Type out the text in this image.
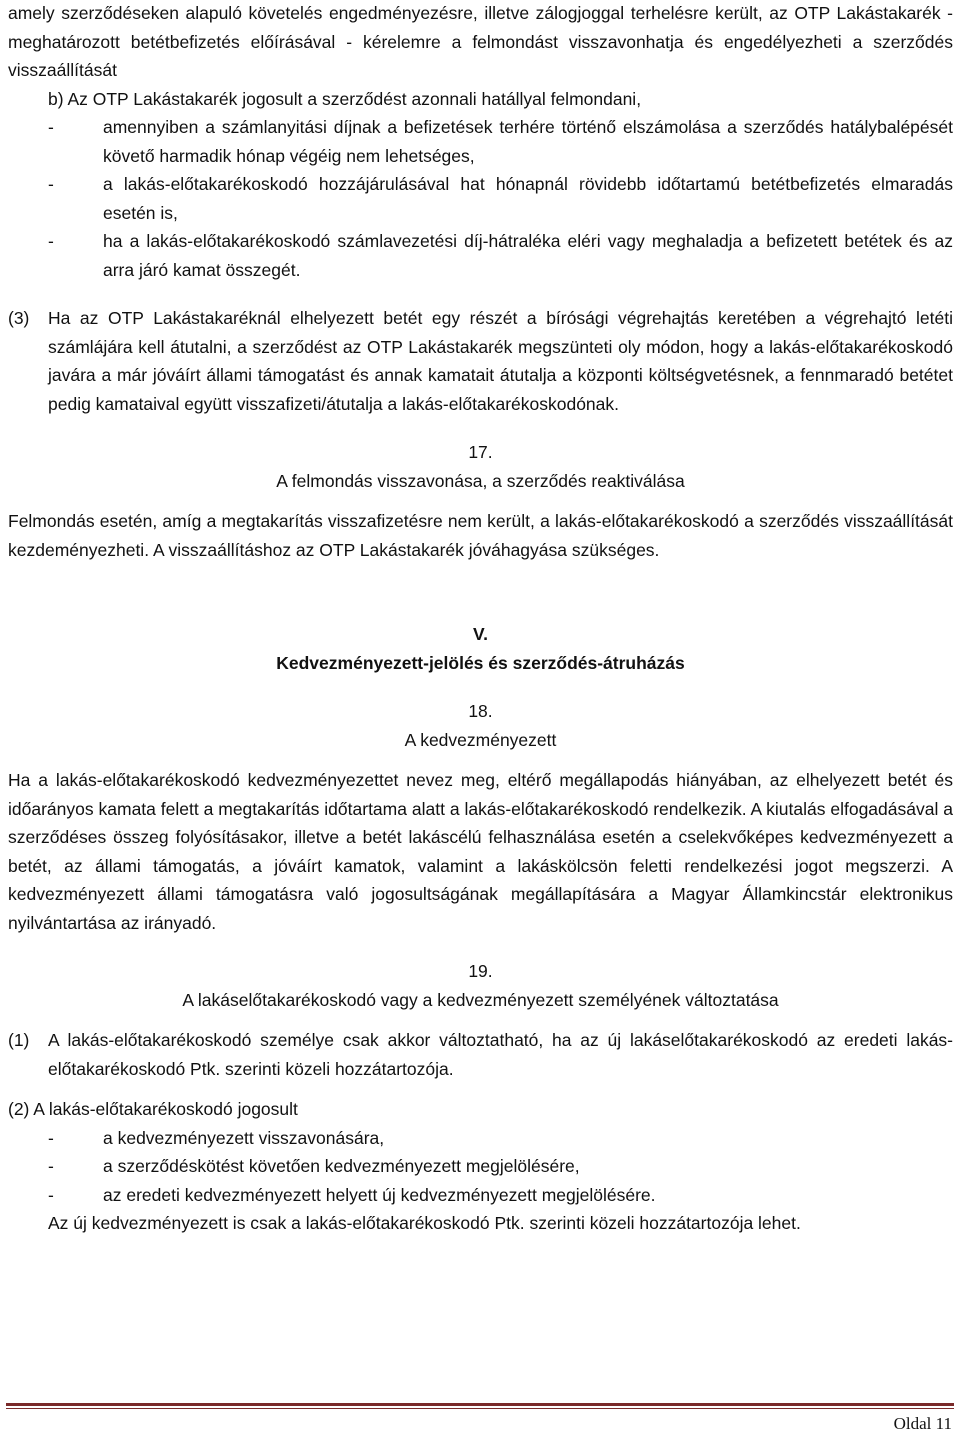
amely szerződéseken alapuló követelés engedményezésre, illetve zálogjoggal terhelésre került, az OTP Lakástakarék - meghatározott betétbefizetés előírásával - kérelemre a felmondást visszavonhatja és engedélyezheti a szerződés visszaállítását

b) Az OTP Lakástakarék jogosult a szerződést azonnali hatállyal felmondani,

-	amennyiben a számlanyitási díjnak a befizetések terhére történő elszámolása a szerződés hatálybalépését követő harmadik hónap végéig nem lehetséges,

-	a lakás-előtakarékoskodó hozzájárulásával hat hónapnál rövidebb időtartamú betétbefizetés elmaradás esetén is,

-	ha a lakás-előtakarékoskodó számlavezetési díj-hátraléka eléri vagy meghaladja a befizetett betétek és az arra járó kamat összegét.

(3) Ha az OTP Lakástakaréknál elhelyezett betét egy részét a bírósági végrehajtás keretében a végrehajtó letéti számlájára kell átutalni, a szerződést az OTP Lakástakarék megszünteti oly módon, hogy a lakás-előtakarékoskodó javára a már jóváírt állami támogatást és annak kamatait átutalja a központi költségvetésnek, a fennmaradó betétet pedig kamataival együtt visszafizeti/átutalja a lakás-előtakarékoskodónak.

17.

A felmondás visszavonása, a szerződés reaktiválása

Felmondás esetén, amíg a megtakarítás visszafizetésre nem került, a lakás-előtakarékoskodó a szerződés visszaállítását kezdeményezheti. A visszaállításhoz az OTP Lakástakarék jóváhagyása szükséges.

V.

Kedvezményezett-jelölés és szerződés-átruházás

18.

A kedvezményezett

Ha a lakás-előtakarékoskodó kedvezményezettet nevez meg, eltérő megállapodás hiányában, az elhelyezett betét és időarányos kamata felett a megtakarítás időtartama alatt a lakás-előtakarékoskodó rendelkezik. A kiutalás elfogadásával a szerződéses összeg folyósításakor, illetve a betét lakáscélú felhasználása esetén a cselekvőképes kedvezményezett a betét, az állami támogatás, a jóváírt kamatok, valamint a lakáskölcsön feletti rendelkezési jogot megszerzi. A kedvezményezett állami támogatásra való jogosultságának megállapítására a Magyar Államkincstár elektronikus nyilvántartása az irányadó.

19.

A lakáselőtakarékoskodó vagy a kedvezményezett személyének változtatása

(1) A lakás-előtakarékoskodó személye csak akkor változtatható, ha az új lakáselőtakarékoskodó az eredeti lakás-előtakarékoskodó Ptk. szerinti közeli hozzátartozója.

(2) A lakás-előtakarékoskodó jogosult

-	a kedvezményezett visszavonására,

-	a szerződéskötést követően kedvezményezett megjelölésére,

-	az eredeti kedvezményezett helyett új kedvezményezett megjelölésére.

Az új kedvezményezett is csak a lakás-előtakarékoskodó Ptk. szerinti közeli hozzátartozója lehet.

Oldal 11
